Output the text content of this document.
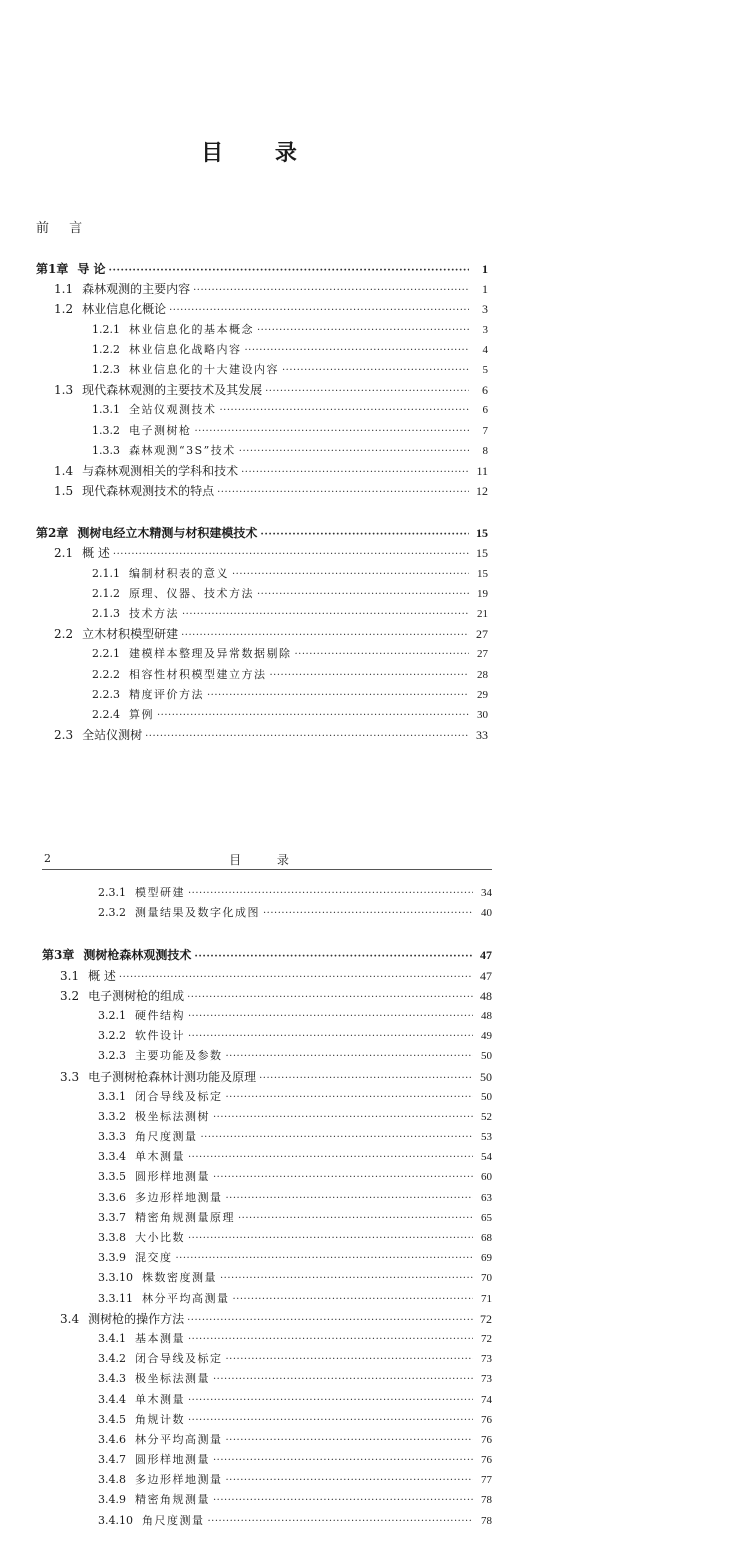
目 录
前 言
第1章 导 论 ·····	1
1.1 森林观测的主要内容 ·····	1
1.2 林业信息化概论 ·····	3
1.2.1 林业信息化的基本概念 ·····	3
1.2.2 林业信息化战略内容 ·····	4
1.2.3 林业信息化的十大建设内容 ·····	5
1.3 现代森林观测的主要技术及其发展 ·····	6
1.3.1 全站仪观测技术 ·····	6
1.3.2 电子测树枪 ·····	7
1.3.3 森林观测“3S”技术 ·····	8
1.4 与森林观测相关的学科和技术 ·····	11
1.5 现代森林观测技术的特点 ·····	12
第2章 测树电经立木精测与材积建模技术 ·····	15
2.1 概 述 ·····	15
2.1.1 编制材积表的意义 ·····	15
2.1.2 原理、仪器、技术方法 ·····	19
2.1.3 技术方法 ·····	21
2.2 立木材积模型研建 ·····	27
2.2.1 建模样本整理及异常数据剔除 ·····	27
2.2.2 相容性材积模型建立方法 ·····	28
2.2.3 精度评价方法 ·····	29
2.2.4 算例 ·····	30
2.3 全站仪测树 ·····	33
2	目 录
2.3.1 模型研建 ·····	34
2.3.2 测量结果及数字化成图 ·····	40
第3章 测树枪森林观测技术 ·····	47
3.1 概 述 ·····	47
3.2 电子测树枪的组成 ·····	48
3.2.1 硬件结构 ·····	48
3.2.2 软件设计 ·····	49
3.2.3 主要功能及参数 ·····	50
3.3 电子测树枪森林计测功能及原理 ·····	50
3.3.1 闭合导线及标定 ·····	50
3.3.2 极坐标法测树 ·····	52
3.3.3 角尺度测量 ·····	53
3.3.4 单木测量 ·····	54
3.3.5 圆形样地测量 ·····	60
3.3.6 多边形样地测量 ·····	63
3.3.7 精密角规测量原理 ·····	65
3.3.8 大小比数 ·····	68
3.3.9 混交度 ·····	69
3.3.10 株数密度测量 ·····	70
3.3.11 林分平均高测量 ·····	71
3.4 测树枪的操作方法 ·····	72
3.4.1 基本测量 ·····	72
3.4.2 闭合导线及标定 ·····	73
3.4.3 极坐标法测量 ·····	73
3.4.4 单木测量 ·····	74
3.4.5 角规计数 ·····	76
3.4.6 林分平均高测量 ·····	76
3.4.7 圆形样地测量 ·····	76
3.4.8 多边形样地测量 ·····	77
3.4.9 精密角规测量 ·····	78
3.4.10 角尺度测量 ·····	78
